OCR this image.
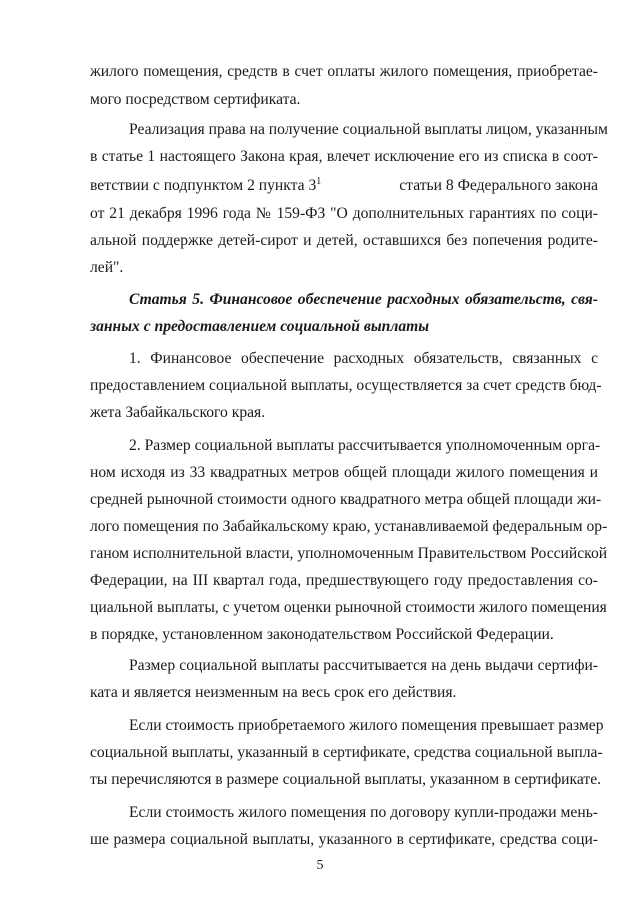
жилого помещения, средств в счет оплаты жилого помещения, приобретае-
мого посредством сертификата.
Реализация права на получение социальной выплаты лицом, указанным
в статье 1 настоящего Закона края, влечет исключение его из списка в соот-
ветствии с подпунктом 2 пункта $3^1$	статьи 8 Федерального закона
от 21 декабря 1996 года № 159-ФЗ "О дополнительных гарантиях по соци-
альной поддержке детей-сирот и детей, оставшихся без попечения родите-
лей".
Статья 5. Финансовое обеспечение расходных обязательств, свя-
занных с предоставлением социальной выплаты
1. Финансовое обеспечение расходных обязательств, связанных с
предоставлением социальной выплаты, осуществляется за счет средств бюд-
жета Забайкальского края.
2. Размер социальной выплаты рассчитывается уполномоченным орга-
ном исходя из 33 квадратных метров общей площади жилого помещения и
средней рыночной стоимости одного квадратного метра общей площади жи-
лого помещения по Забайкальскому краю, устанавливаемой федеральным ор-
ганом исполнительной власти, уполномоченным Правительством Российской
Федерации, на III квартал года, предшествующего году предоставления со-
циальной выплаты, с учетом оценки рыночной стоимости жилого помещения
в порядке, установленном законодательством Российской Федерации.
Размер социальной выплаты рассчитывается на день выдачи сертифи-
ката и является неизменным на весь срок его действия.
Если стоимость приобретаемого жилого помещения превышает размер
социальной выплаты, указанный в сертификате, средства социальной выпла-
ты перечисляются в размере социальной выплаты, указанном в сертификате.
Если стоимость жилого помещения по договору купли-продажи мень-
ше размера социальной выплаты, указанного в сертификате, средства соци-
5
